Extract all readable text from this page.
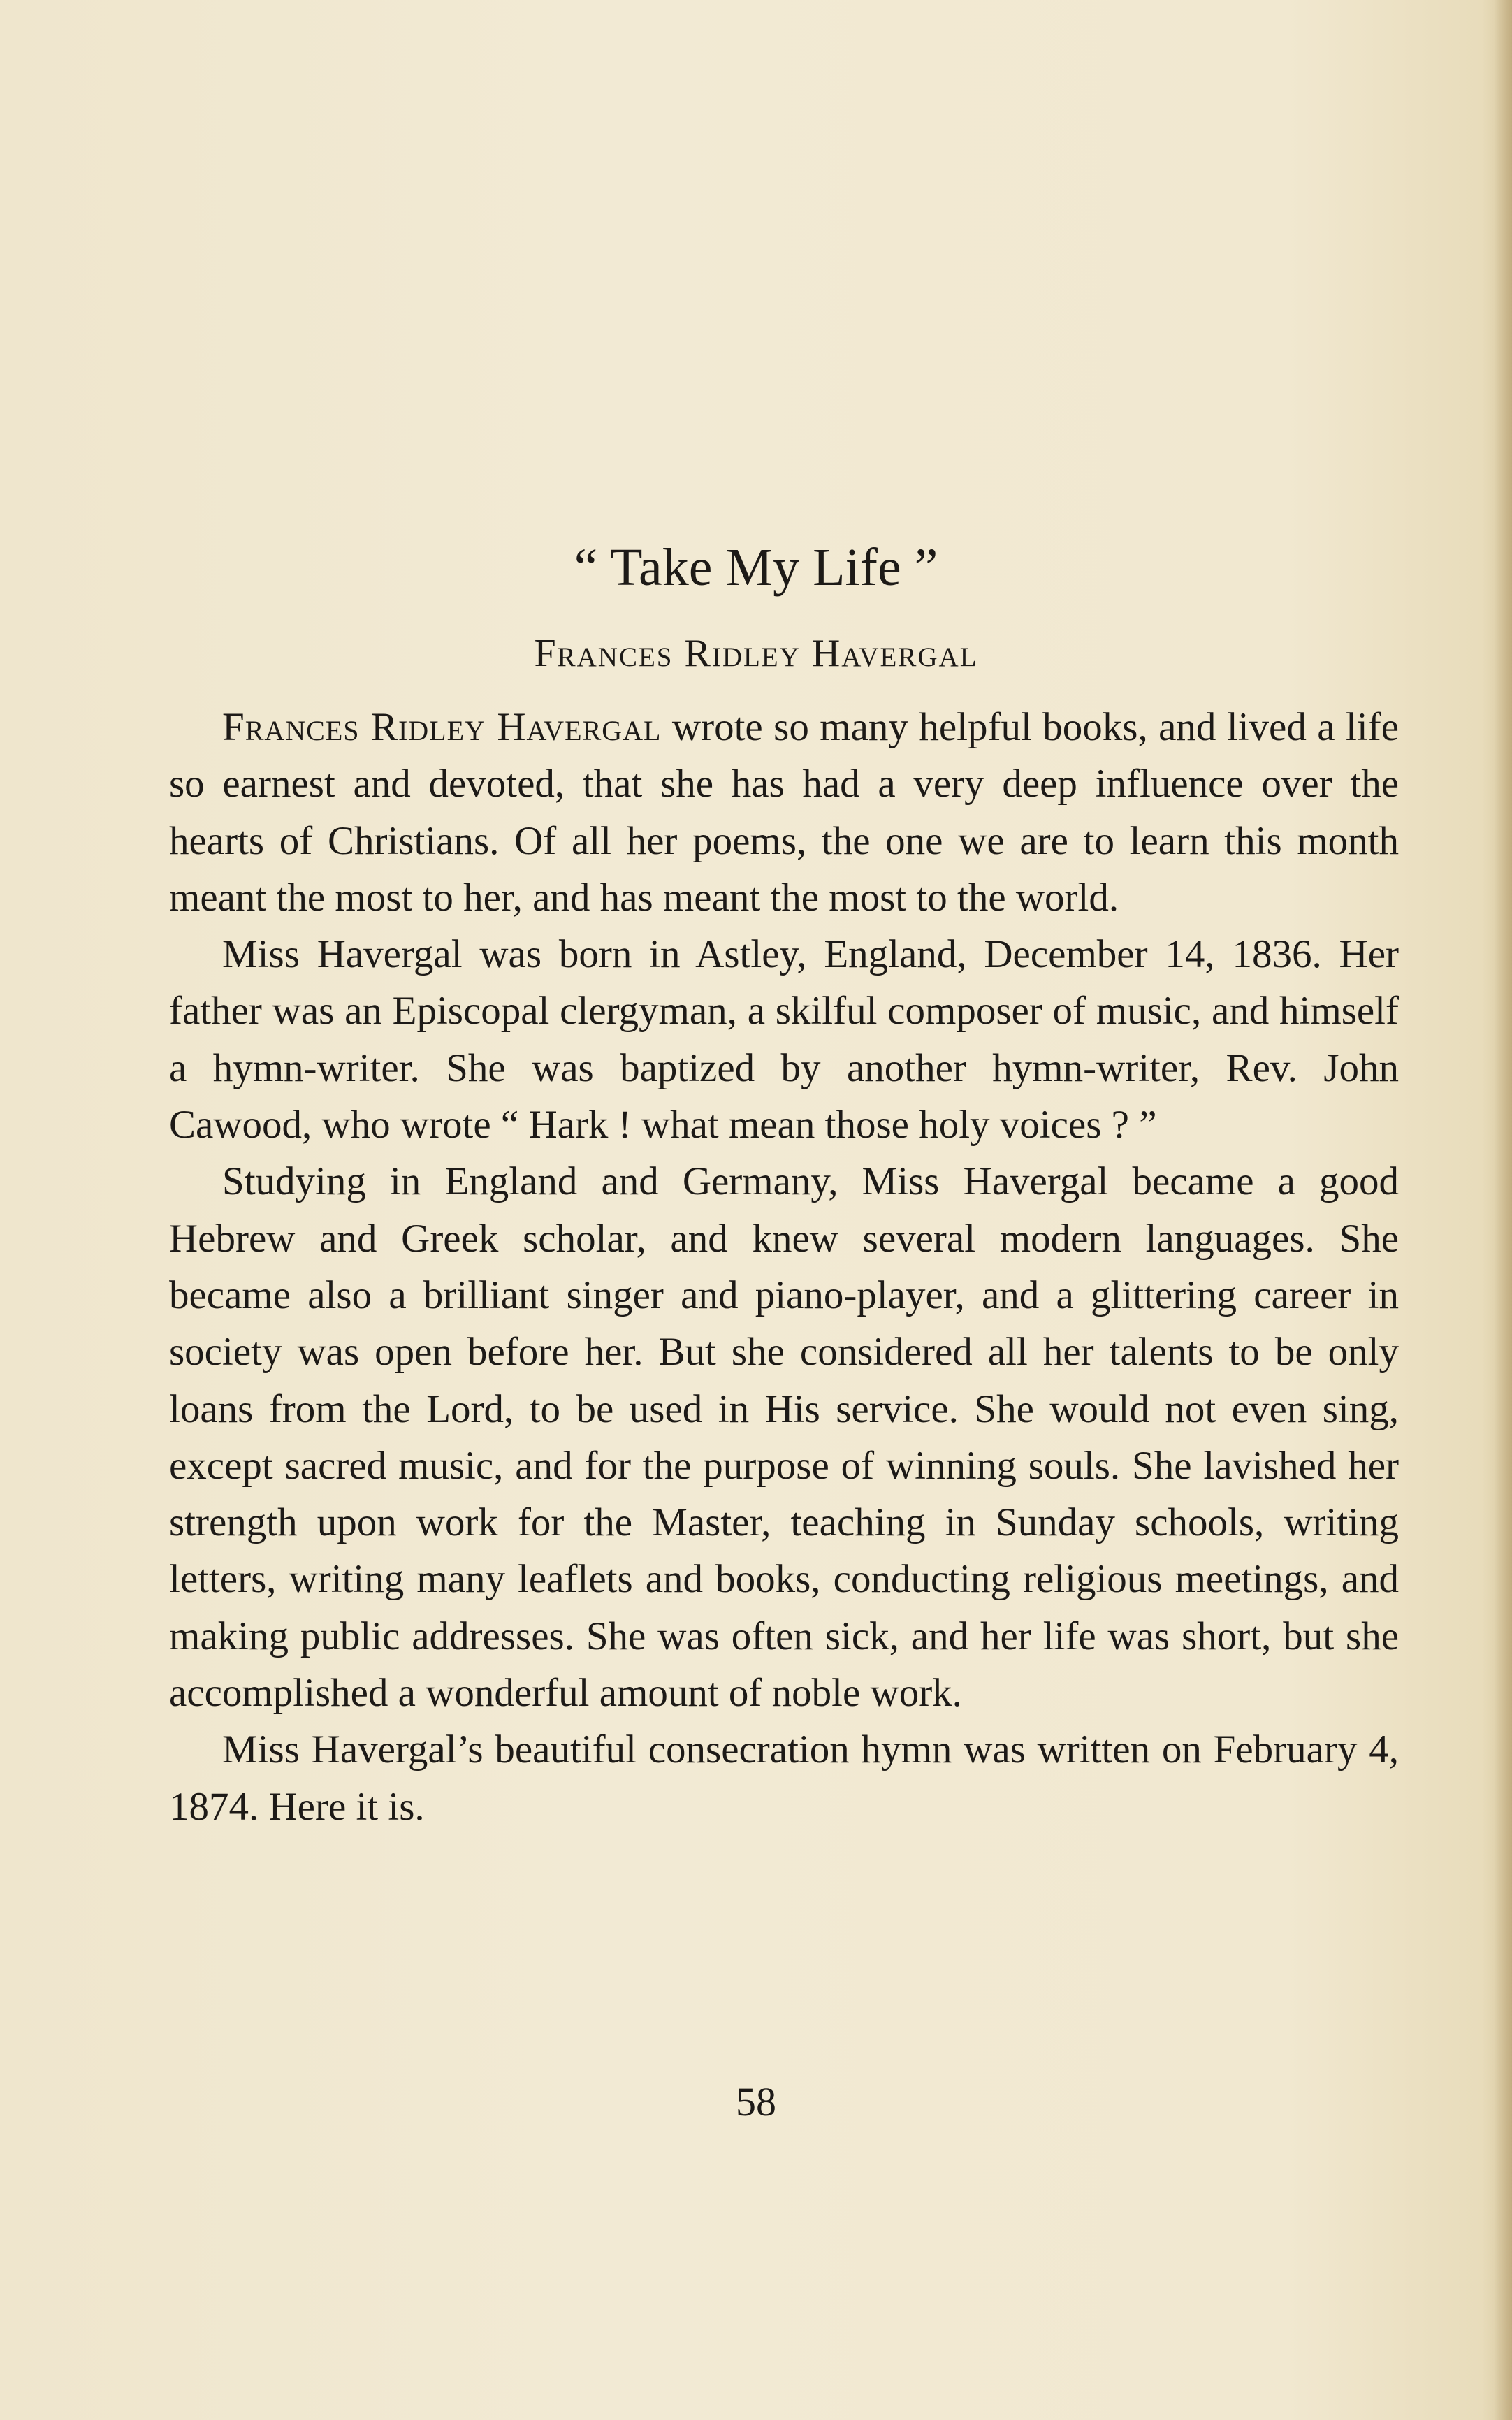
“ Take My Life ”
Frances Ridley Havergal

Frances Ridley Havergal wrote so many helpful books, and lived a life so earnest and devoted, that she has had a very deep influence over the hearts of Christians. Of all her poems, the one we are to learn this month meant the most to her, and has meant the most to the world.

Miss Havergal was born in Astley, England, December 14, 1836. Her father was an Episcopal clergyman, a skilful composer of music, and himself a hymn-writer. She was baptized by another hymn-writer, Rev. John Cawood, who wrote “ Hark ! what mean those holy voices ? ”

Studying in England and Germany, Miss Havergal became a good Hebrew and Greek scholar, and knew several modern languages. She became also a brilliant singer and piano-player, and a glittering career in society was open before her. But she considered all her talents to be only loans from the Lord, to be used in His service. She would not even sing, except sacred music, and for the purpose of winning souls. She lavished her strength upon work for the Master, teaching in Sunday schools, writing letters, writing many leaflets and books, conducting religious meetings, and making public addresses. She was often sick, and her life was short, but she accomplished a wonderful amount of noble work.

Miss Havergal’s beautiful consecration hymn was written on February 4, 1874. Here it is.

58
